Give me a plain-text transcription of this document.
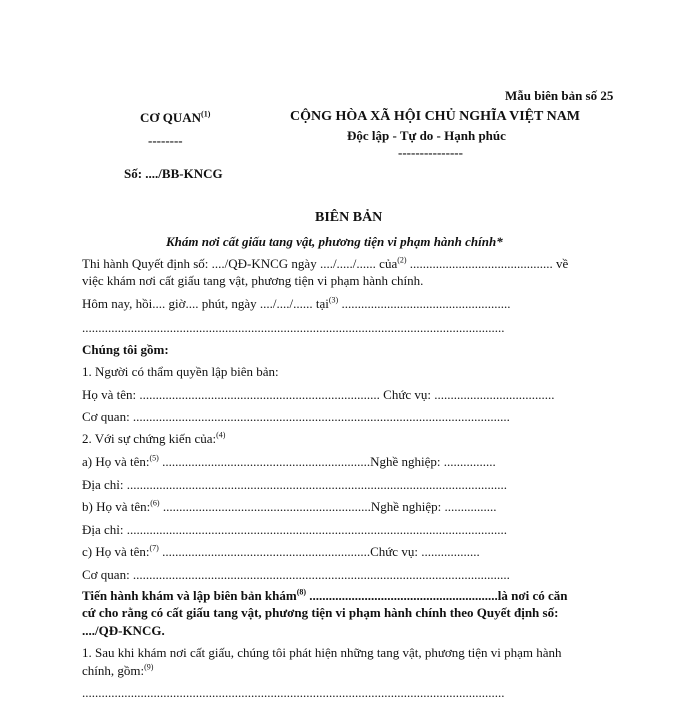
Mẫu biên bản số 25
CƠ QUAN$^{(1)}$
--------
CỘNG HÒA XÃ HỘI CHỦ NGHĨA VIỆT NAM
Độc lập - Tự do - Hạnh phúc
---------------
Số: ..../BB-KNCG
BIÊN BẢN
Khám nơi cất giấu tang vật, phương tiện vi phạm hành chính*
Thi hành Quyết định số: ..../QĐ-KNCG ngày ..../...../...... của$^{(2)}$ ............................................ về
việc khám nơi cất giấu tang vật, phương tiện vi phạm hành chính.
Hôm nay, hồi.... giờ.... phút, ngày ..../..../...... tại$^{(3)}$ ....................................................
..................................................................................................................................
Chúng tôi gồm:
1. Người có thẩm quyền lập biên bản:
Họ và tên: .......................................................................... Chức vụ: .....................................
Cơ quan: ....................................................................................................................
2. Với sự chứng kiến của:$^{(4)}$
a) Họ và tên:$^{(5)}$ ................................................................Nghề nghiệp: ................
Địa chỉ: .....................................................................................................................
b) Họ và tên:$^{(6)}$ ................................................................Nghề nghiệp: ................
Địa chỉ: .....................................................................................................................
c) Họ và tên:$^{(7)}$ ................................................................Chức vụ: ..................
Cơ quan: ....................................................................................................................
Tiến hành khám và lập biên bản khám$^{(8)}$ ..........................................................là nơi có căn
cứ cho rằng có cất giấu tang vật, phương tiện vi phạm hành chính theo Quyết định số:
..../QĐ-KNCG.
1. Sau khi khám nơi cất giấu, chúng tôi phát hiện những tang vật, phương tiện vi phạm hành
chính, gồm:$^{(9)}$
..................................................................................................................................
